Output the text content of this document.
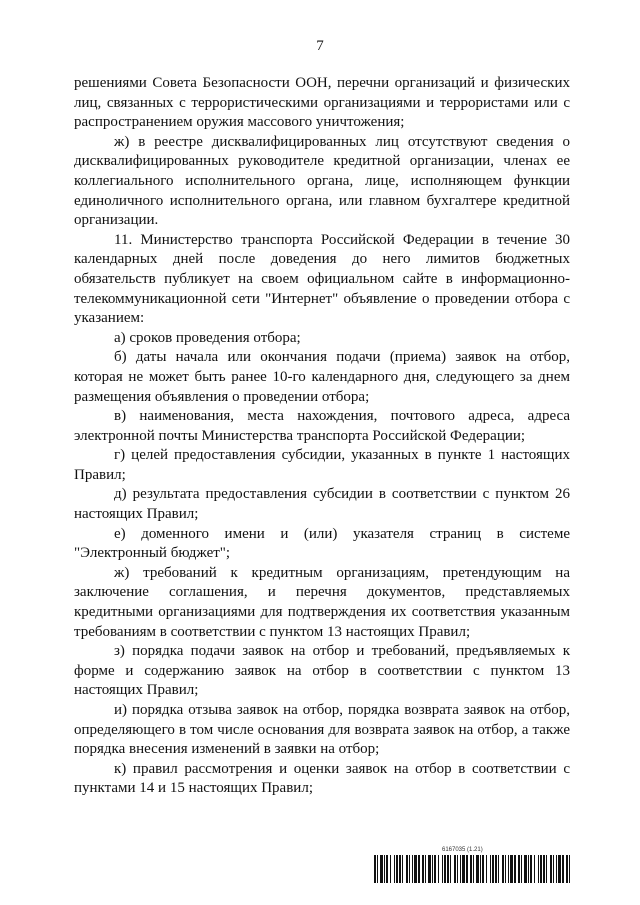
7

решениями Совета Безопасности ООН, перечни организаций и физических лиц, связанных с террористическими организациями и террористами или с распространением оружия массового уничтожения;

ж) в реестре дисквалифицированных лиц отсутствуют сведения о дисквалифицированных руководителе кредитной организации, членах ее коллегиального исполнительного органа, лице, исполняющем функции единоличного исполнительного органа, или главном бухгалтере кредитной организации.

11. Министерство транспорта Российской Федерации в течение 30 календарных дней после доведения до него лимитов бюджетных обязательств публикует на своем официальном сайте в информационно-телекоммуникационной сети "Интернет" объявление о проведении отбора с указанием:

а) сроков проведения отбора;

б) даты начала или окончания подачи (приема) заявок на отбор, которая не может быть ранее 10-го календарного дня, следующего за днем размещения объявления о проведении отбора;

в) наименования, места нахождения, почтового адреса, адреса электронной почты Министерства транспорта Российской Федерации;

г) целей предоставления субсидии, указанных в пункте 1 настоящих Правил;

д) результата предоставления субсидии в соответствии с пунктом 26 настоящих Правил;

е) доменного имени и (или) указателя страниц в системе "Электронный бюджет";

ж) требований к кредитным организациям, претендующим на заключение соглашения, и перечня документов, представляемых кредитными организациями для подтверждения их соответствия указанным требованиям в соответствии с пунктом 13 настоящих Правил;

з) порядка подачи заявок на отбор и требований, предъявляемых к форме и содержанию заявок на отбор в соответствии с пунктом 13 настоящих Правил;

и) порядка отзыва заявок на отбор, порядка возврата заявок на отбор, определяющего в том числе основания для возврата заявок на отбор, а также порядка внесения изменений в заявки на отбор;

к) правил рассмотрения и оценки заявок на отбор в соответствии с пунктами 14 и 15 настоящих Правил;

6167035 (1.21)
